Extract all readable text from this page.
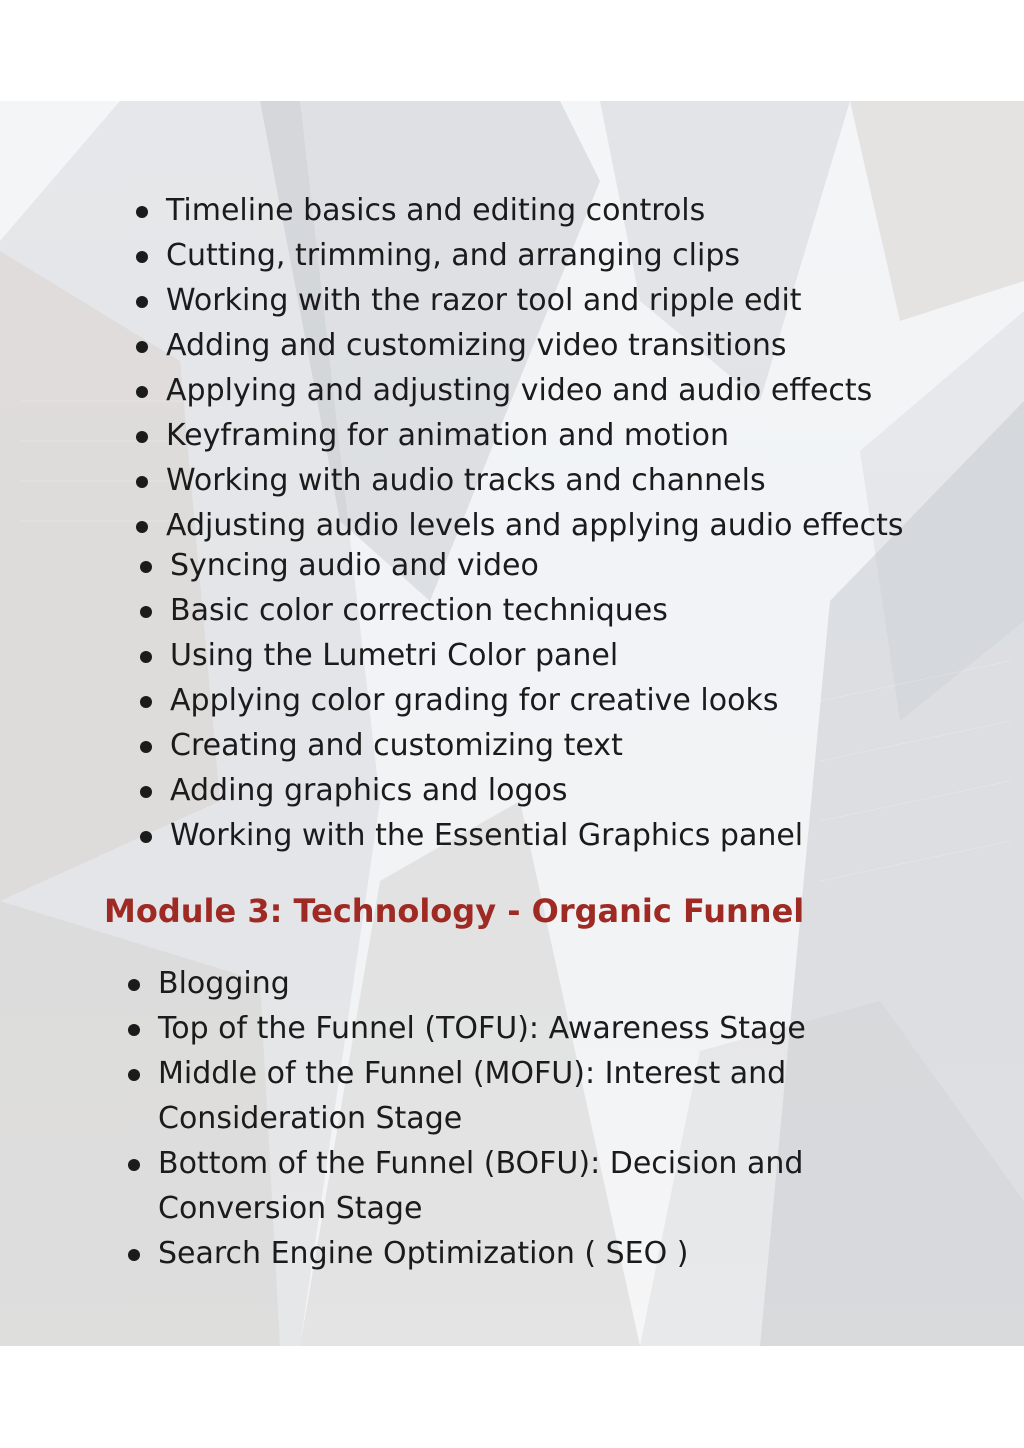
Timeline basics and editing controls
Cutting, trimming, and arranging clips
Working with the razor tool and ripple edit
Adding and customizing video transitions
Applying and adjusting video and audio effects
Keyframing for animation and motion
Working with audio tracks and channels
Adjusting audio levels and applying audio effects
Syncing audio and video
Basic color correction techniques
Using the Lumetri Color panel
Applying color grading for creative looks
Creating and customizing text
Adding graphics and logos
Working with the Essential Graphics panel
Module 3: Technology - Organic Funnel
Blogging
Top of the Funnel (TOFU): Awareness Stage
Middle of the Funnel (MOFU): Interest and Consideration Stage
Bottom of the Funnel (BOFU): Decision and Conversion Stage
Search Engine Optimization ( SEO )
